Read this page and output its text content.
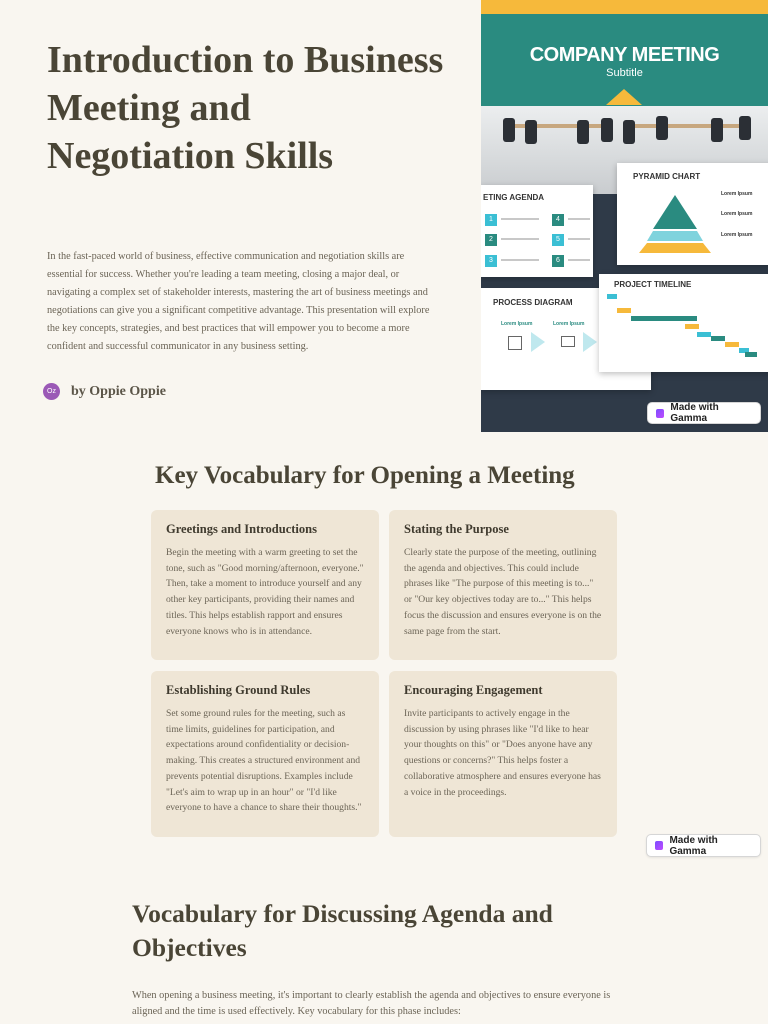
Introduction to Business Meeting and Negotiation Skills

In the fast-paced world of business, effective communication and negotiation skills are essential for success. Whether you're leading a team meeting, closing a major deal, or navigating a complex set of stakeholder interests, mastering the art of business meetings and negotiations can give you a significant competitive advantage. This presentation will explore the key concepts, strategies, and best practices that will empower you to become a more confident and successful communicator in any business setting.

Oz by Oppie Oppie
COMPANY MEETING
Subtitle
ETING AGENDA
1
2
3
4
5
6
PYRAMID CHART
Lorem Ipsum
Lorem Ipsum
Lorem Ipsum
PROCESS DIAGRAM
Lorem Ipsum	Lorem Ipsum
PROJECT TIMELINE
Made with Gamma
Key Vocabulary for Opening a Meeting
Greetings and Introductions

Begin the meeting with a warm greeting to set the tone, such as "Good morning/afternoon, everyone." Then, take a moment to introduce yourself and any other key participants, providing their names and titles. This helps establish rapport and ensures everyone knows who is in attendance.

Stating the Purpose

Clearly state the purpose of the meeting, outlining the agenda and objectives. This could include phrases like "The purpose of this meeting is to..." or "Our key objectives today are to..." This helps focus the discussion and ensures everyone is on the same page from the start.

Establishing Ground Rules

Set some ground rules for the meeting, such as time limits, guidelines for participation, and expectations around confidentiality or decision-making. This creates a structured environment and prevents potential disruptions. Examples include "Let's aim to wrap up in an hour" or "I'd like everyone to have a chance to share their thoughts."

Encouraging Engagement

Invite participants to actively engage in the discussion by using phrases like "I'd like to hear your thoughts on this" or "Does anyone have any questions or concerns?" This helps foster a collaborative atmosphere and ensures everyone has a voice in the proceedings.

Made with Gamma
Vocabulary for Discussing Agenda and Objectives

When opening a business meeting, it's important to clearly establish the agenda and objectives to ensure everyone is aligned and the time is used effectively. Key vocabulary for this phase includes:
